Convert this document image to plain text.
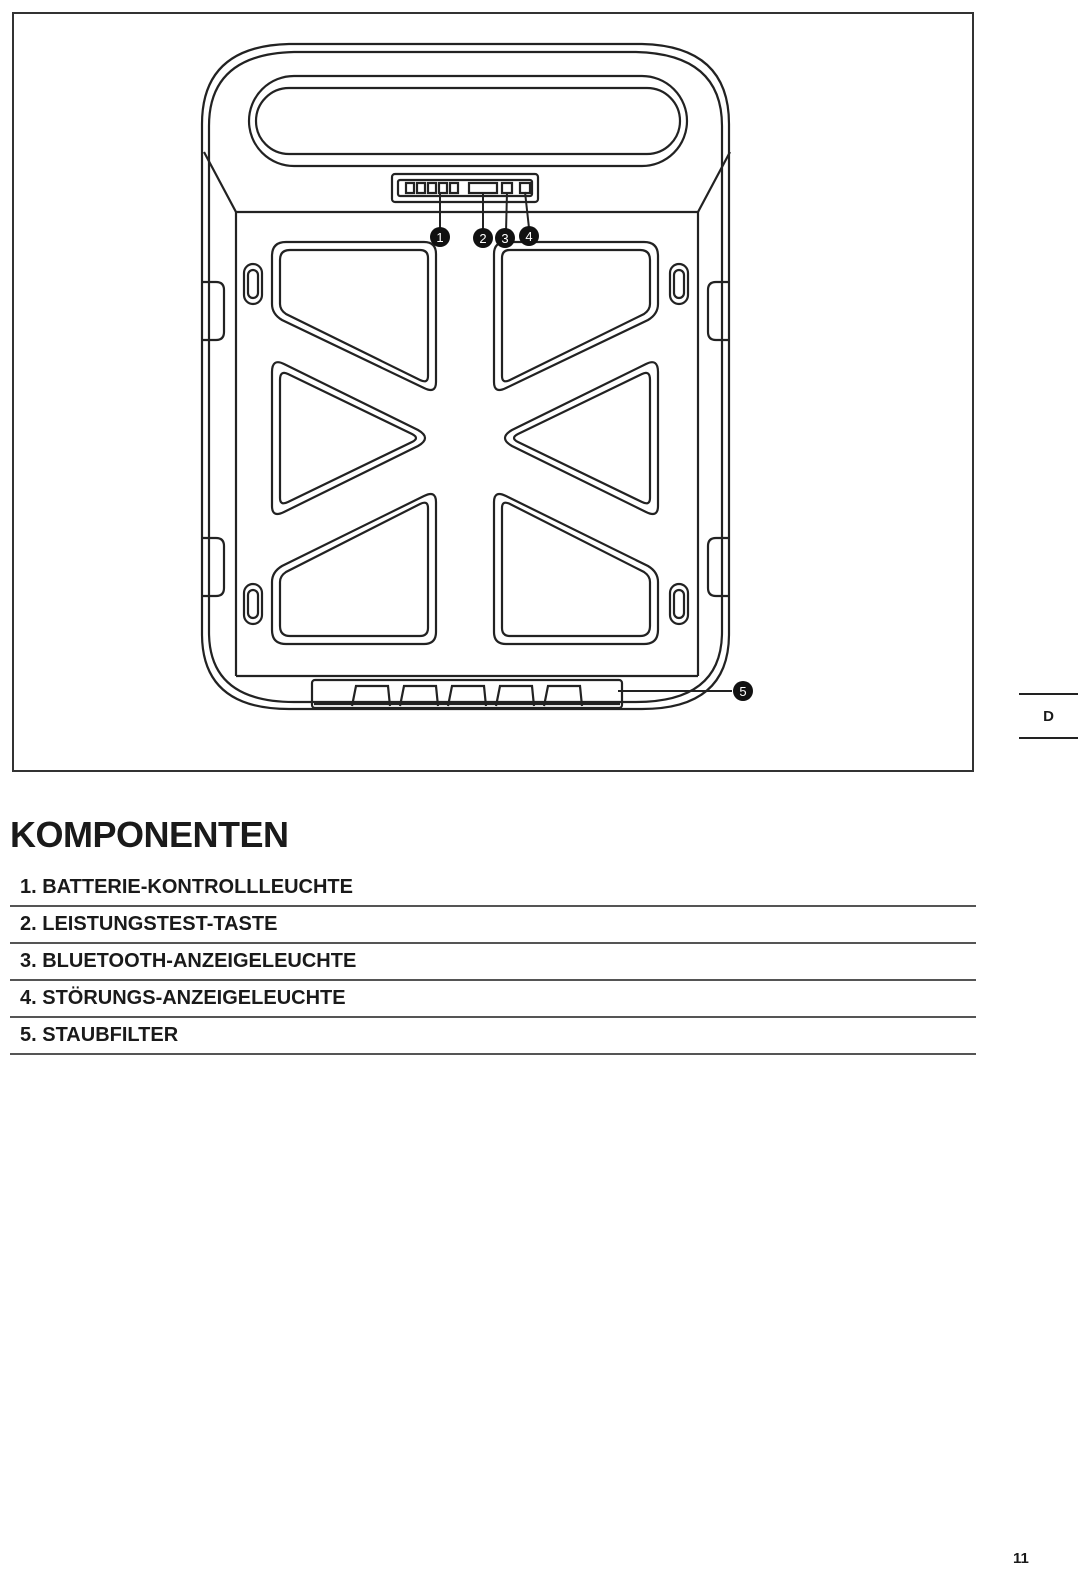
1	2 3 4
5
D
KOMPONENTEN
1. BATTERIE-KONTROLLLEUCHTE
2. LEISTUNGSTEST-TASTE
3. BLUETOOTH-ANZEIGELEUCHTE
4. STÖRUNGS-ANZEIGELEUCHTE
5. STAUBFILTER
11
